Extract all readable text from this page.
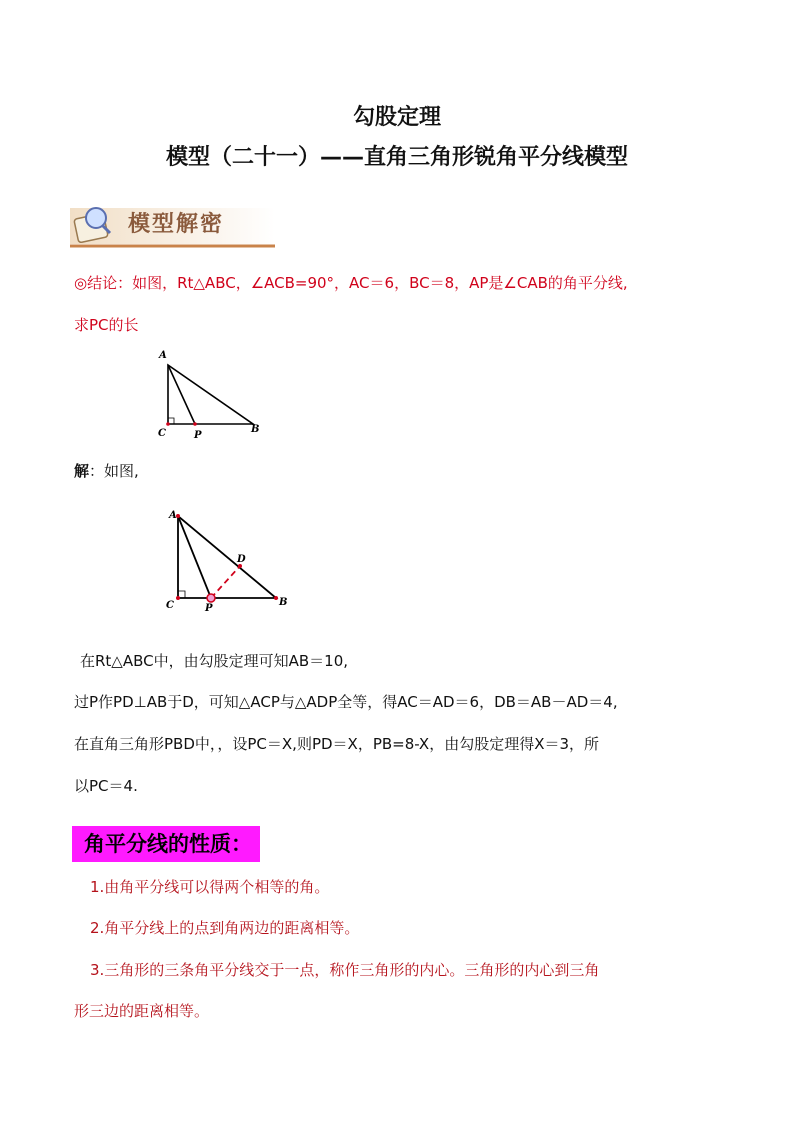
勾股定理
模型（二十一）——直角三角形锐角平分线模型
模型解密
◎结论：如图，Rt△ABC，∠ACB=90°，AC＝6，BC＝8，AP是∠CAB的角平分线,
求PC的长
A
C	P
B
解：如图,
A
D
C	P
B
在Rt△ABC中，由勾股定理可知AB＝10,
过P作PD⊥AB于D，可知△ACP与△ADP全等，得AC＝AD＝6，DB＝AB－AD＝4,
在直角三角形PBD中，，设PC＝X,则PD＝X，PB=8-X，由勾股定理得X＝3，所
以PC＝4.
角平分线的性质：
1.由角平分线可以得两个相等的角。
2.角平分线上的点到角两边的距离相等。
3.三角形的三条角平分线交于一点，称作三角形的内心。三角形的内心到三角
形三边的距离相等。
